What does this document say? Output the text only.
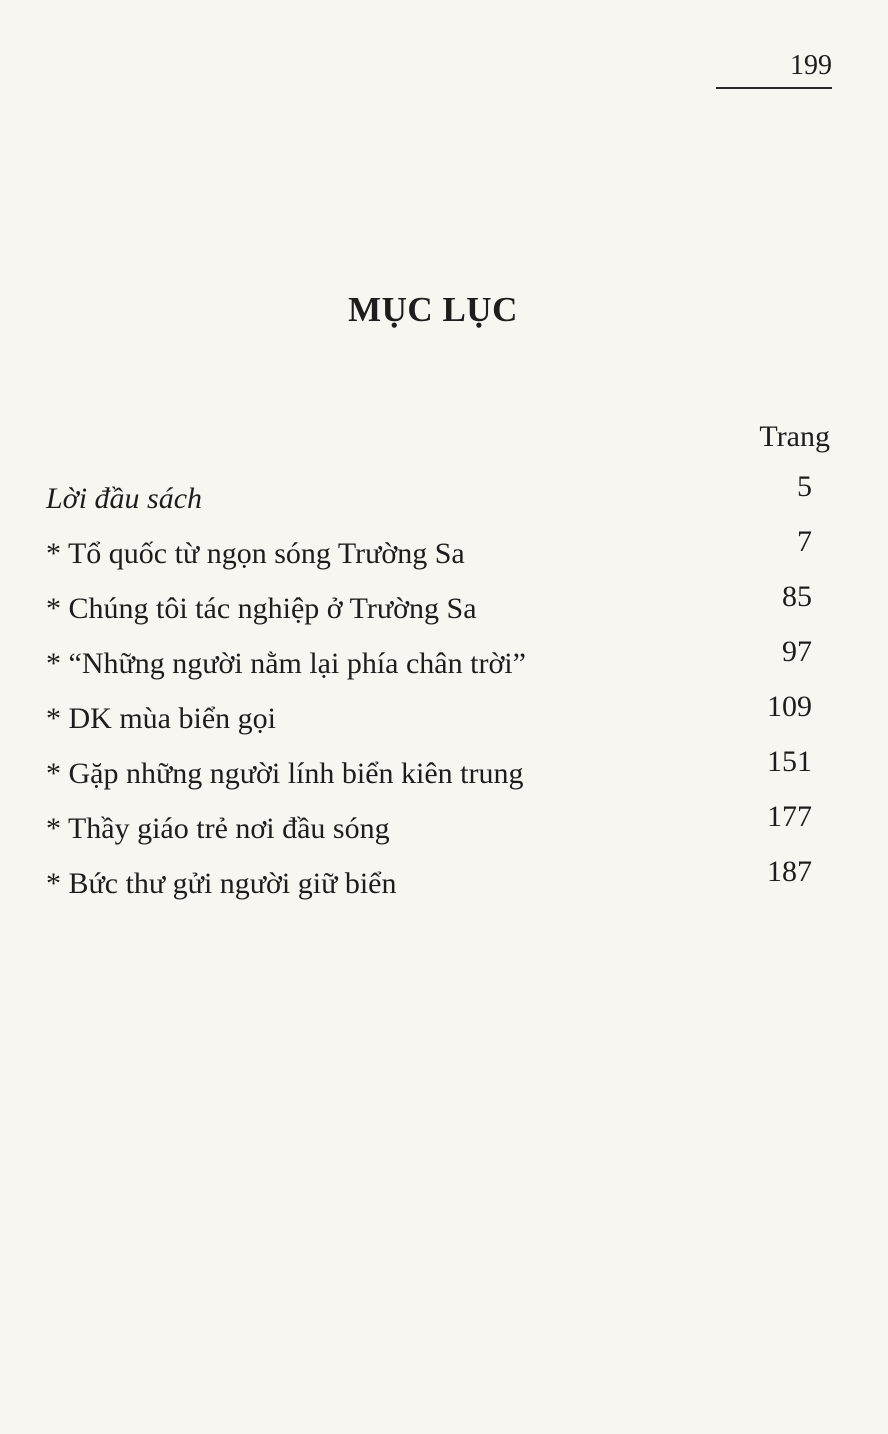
199
MỤC LỤC
Trang
Lời đầu sách	5
* Tổ quốc từ ngọn sóng Trường Sa	7
* Chúng tôi tác nghiệp ở Trường Sa	85
* “Những người nằm lại phía chân trời”	97
* DK mùa biển gọi	109
* Gặp những người lính biển kiên trung	151
* Thầy giáo trẻ nơi đầu sóng	177
* Bức thư gửi người giữ biển	187
